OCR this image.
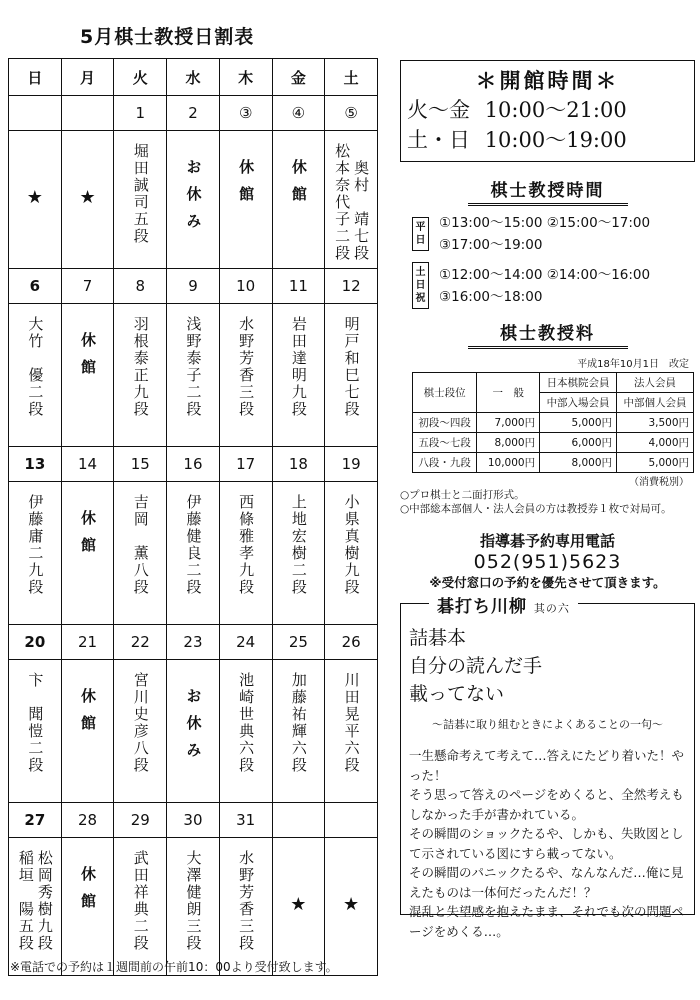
5月棋士教授日割表
日	月	火	水	木	金	土
		1	2	③	④	⑤

★	★	堀田誠司五段	お休み	休館	休館	松本奈代子二段奥村　靖七段
6	7	8	9	10	11	12
大竹　優二段	休館	羽根泰正九段	浅野泰子二段	水野芳香三段	岩田達明九段	明戸和巳七段
13	14	15	16	17	18	19
伊藤庸二九段	休館	吉岡　薫八段	伊藤健良二段	西條雅孝九段	上地宏樹二段	小県真樹九段
20	21	22	23	24	25	26
卞　聞愷二段	休館	宮川史彦八段	お休み	池崎世典六段	加藤祐輝六段	川田晃平六段
27	28	29	30	31		
稲垣　陽五段松岡秀樹九段	休館	武田祥典二段	大澤健朗三段	水野芳香三段	★	★
※電話での予約は１週間前の午前10：00より受付致します。
＊開館時間＊
火～金 10:00～21:00
土・日 10:00～19:00
棋士教授時間
平日
①13:00～15:00 ②15:00～17:00
③17:00～19:00
土日祝
①12:00～14:00 ②14:00～16:00
③16:00～18:00
棋士教授料
平成18年10月1日　改定
棋士段位	一　般	日本棋院会員	法人会員
		中部入場会員	中部個人会員
初段～四段	7,000円	5,000円	3,500円
五段～七段	8,000円	6,000円	4,000円
八段・九段	10,000円	8,000円	5,000円
（消費税別）
○プロ棋士と二面打形式。
○中部総本部個人・法人会員の方は教授券１枚で対局可。
指導碁予約専用電話
052(951)5623
※受付窓口の予約を優先させて頂きます。
碁打ち川柳 其の六
詰碁本
自分の読んだ手
載ってない
～詰碁に取り組むときによくあることの一句～
一生懸命考えて考えて…答えにたどり着いた！やった！
そう思って答えのページをめくると、全然考えもしなかった手が書かれている。
その瞬間のショックたるや、しかも、失敗図として示されている図にすら載ってない。
その瞬間のパニックたるや、なんなんだ…俺に見えたものは一体何だったんだ！？
混乱と失望感を抱えたまま、それでも次の問題ページをめくる…。
